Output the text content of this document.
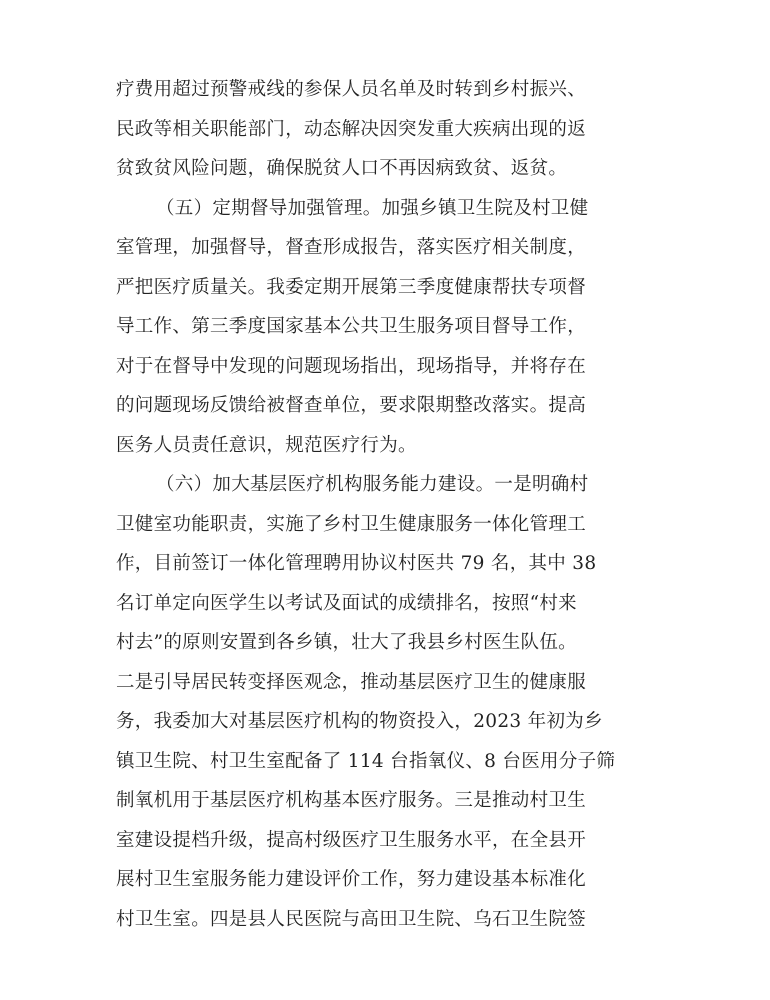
疗费用超过预警戒线的参保人员名单及时转到乡村振兴、
民政等相关职能部门，动态解决因突发重大疾病出现的返
贫致贫风险问题，确保脱贫人口不再因病致贫、返贫。
（五）定期督导加强管理。加强乡镇卫生院及村卫健
室管理，加强督导，督查形成报告，落实医疗相关制度，
严把医疗质量关。我委定期开展第三季度健康帮扶专项督
导工作、第三季度国家基本公共卫生服务项目督导工作，
对于在督导中发现的问题现场指出，现场指导，并将存在
的问题现场反馈给被督查单位，要求限期整改落实。提高
医务人员责任意识，规范医疗行为。
（六）加大基层医疗机构服务能力建设。一是明确村
卫健室功能职责，实施了乡村卫生健康服务一体化管理工
作，目前签订一体化管理聘用协议村医共 79 名，其中 38
名订单定向医学生以考试及面试的成绩排名，按照“村来
村去”的原则安置到各乡镇，壮大了我县乡村医生队伍。
二是引导居民转变择医观念，推动基层医疗卫生的健康服
务，我委加大对基层医疗机构的物资投入，2023 年初为乡
镇卫生院、村卫生室配备了 114 台指氧仪、8 台医用分子筛
制氧机用于基层医疗机构基本医疗服务。三是推动村卫生
室建设提档升级，提高村级医疗卫生服务水平，在全县开
展村卫生室服务能力建设评价工作，努力建设基本标准化
村卫生室。四是县人民医院与高田卫生院、乌石卫生院签
